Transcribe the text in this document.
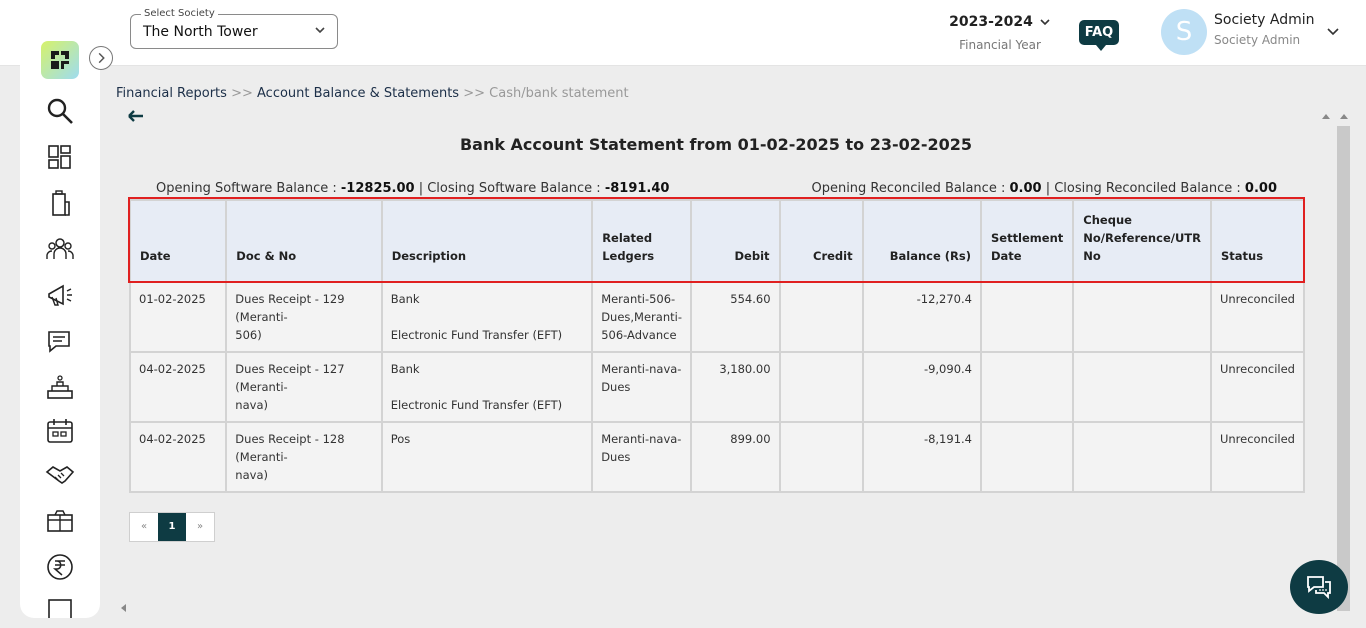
Select Society
The North Tower
2023-2024
Financial Year
FAQ	S	Society Admin
Society Admin
Financial Reports >> Account Balance & Statements >> Cash/bank statement
Bank Account Statement from 01-02-2025 to 23-02-2025
Opening Software Balance : -12825.00 | Closing Software Balance : -8191.40	Opening Reconciled Balance : 0.00 | Closing Reconciled Balance : 0.00
Date	Doc & No	Description	Related Ledgers	Debit	Credit	Balance (Rs)	Settlement Date	Cheque No/Reference/UTR No	Status
01-02-2025	Dues Receipt - 129 (Meranti-
506)	Bank

Electronic Fund Transfer (EFT)	Meranti-506-
Dues,Meranti-
506-Advance	554.60		-12,270.4			Unreconciled
04-02-2025	Dues Receipt - 127 (Meranti-
nava)	Bank

Electronic Fund Transfer (EFT)	Meranti-nava-
Dues	3,180.00		-9,090.4			Unreconciled
04-02-2025	Dues Receipt - 128 (Meranti-
nava)	Pos	Meranti-nava-
Dues	899.00		-8,191.4			Unreconciled
«	1	»
